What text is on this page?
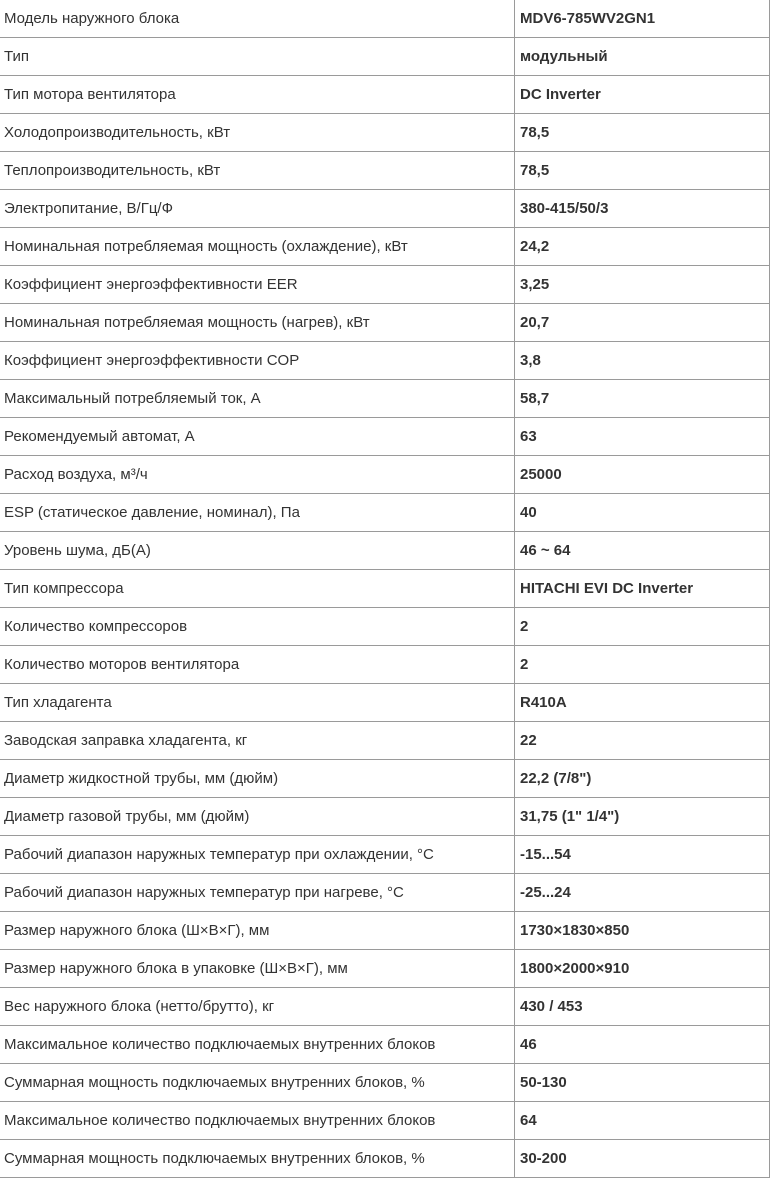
Модель наружного блока	MDV6-785WV2GN1
Тип	модульный
Тип мотора вентилятора	DC Inverter
Холодопроизводительность, кВт	78,5
Теплопроизводительность, кВт	78,5
Электропитание, В/Гц/Ф	380-415/50/3
Номинальная потребляемая мощность (охлаждение), кВт	24,2
Коэффициент энергоэффективности EER	3,25
Номинальная потребляемая мощность (нагрев), кВт	20,7
Коэффициент энергоэффективности COP	3,8
Максимальный потребляемый ток, А	58,7
Рекомендуемый автомат, А	63
Расход воздуха, м³/ч	25000
ESP (статическое давление, номинал), Па	40
Уровень шума, дБ(А)	46 ~ 64
Тип компрессора	HITACHI EVI DC Inverter
Количество компрессоров	2
Количество моторов вентилятора	2
Тип хладагента	R410A
Заводская заправка хладагента, кг	22
Диаметр жидкостной трубы, мм (дюйм)	22,2 (7/8")
Диаметр газовой трубы, мм (дюйм)	31,75 (1" 1/4")
Рабочий диапазон наружных температур при охлаждении, °С	-15...54
Рабочий диапазон наружных температур при нагреве, °С	-25...24
Размер наружного блока (Ш×В×Г), мм	1730×1830×850
Размер наружного блока в упаковке (Ш×В×Г), мм	1800×2000×910
Вес наружного блока (нетто/брутто), кг	430 / 453
Максимальное количество подключаемых внутренних блоков	46
Суммарная мощность подключаемых внутренних блоков, %	50-130
Максимальное количество подключаемых внутренних блоков	64
Суммарная мощность подключаемых внутренних блоков, %	30-200
